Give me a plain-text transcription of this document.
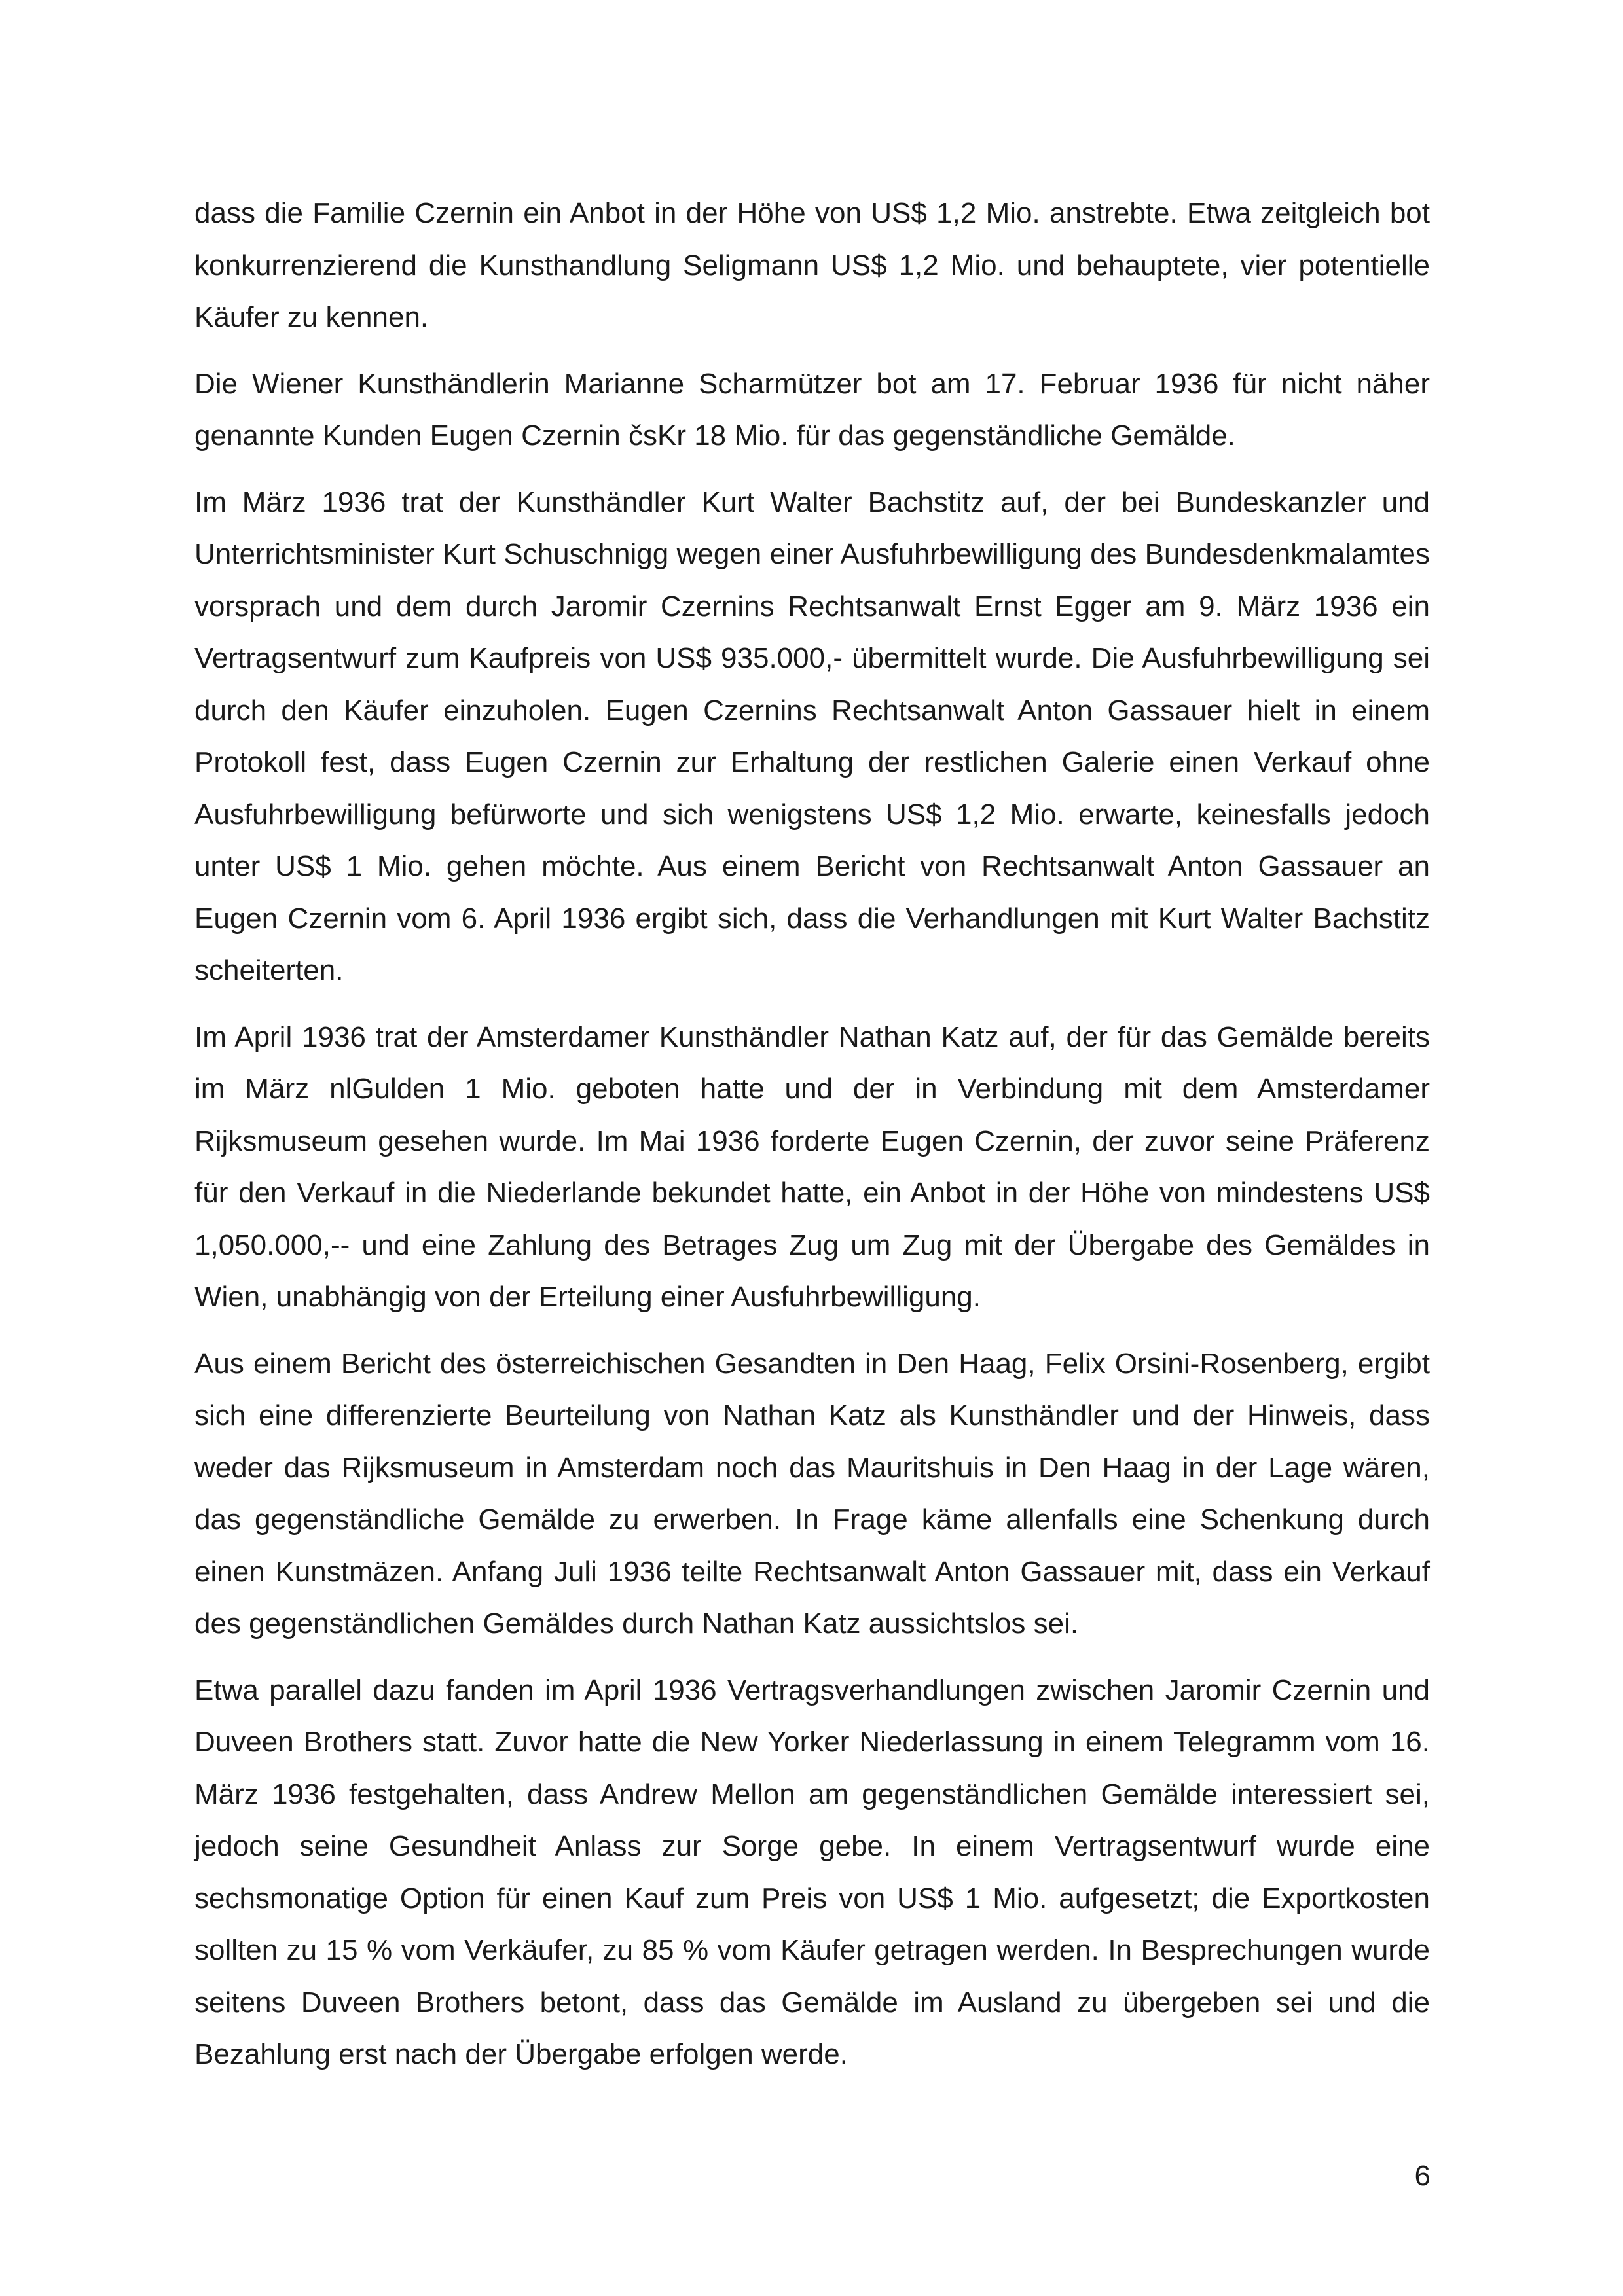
dass die Familie Czernin ein Anbot in der Höhe von US$ 1,2 Mio. anstrebte. Etwa zeitgleich bot konkurrenzierend die Kunsthandlung Seligmann US$ 1,2 Mio. und behauptete, vier potentielle Käufer zu kennen.

Die Wiener Kunsthändlerin Marianne Scharmützer bot am 17. Februar 1936 für nicht näher genannte Kunden Eugen Czernin čsKr 18 Mio. für das gegenständliche Gemälde.

Im März 1936 trat der Kunsthändler Kurt Walter Bachstitz auf, der bei Bundeskanzler und Unterrichtsminister Kurt Schuschnigg wegen einer Ausfuhrbewilligung des Bundesdenkmalamtes vorsprach und dem durch Jaromir Czernins Rechtsanwalt Ernst Egger am 9. März 1936 ein Vertragsentwurf zum Kaufpreis von US$ 935.000,- übermittelt wurde. Die Ausfuhrbewilligung sei durch den Käufer einzuholen. Eugen Czernins Rechtsanwalt Anton Gassauer hielt in einem Protokoll fest, dass Eugen Czernin zur Erhaltung der restlichen Galerie einen Verkauf ohne Ausfuhrbewilligung befürworte und sich wenigstens US$ 1,2 Mio. erwarte, keinesfalls jedoch unter US$ 1 Mio. gehen möchte. Aus einem Bericht von Rechtsanwalt Anton Gassauer an Eugen Czernin vom 6. April 1936 ergibt sich, dass die Verhandlungen mit Kurt Walter Bachstitz scheiterten.

Im April 1936 trat der Amsterdamer Kunsthändler Nathan Katz auf, der für das Gemälde bereits im März nlGulden 1 Mio. geboten hatte und der in Verbindung mit dem Amsterdamer Rijksmuseum gesehen wurde. Im Mai 1936 forderte Eugen Czernin, der zuvor seine Präferenz für den Verkauf in die Niederlande bekundet hatte, ein Anbot in der Höhe von mindestens US$ 1,050.000,-- und eine Zahlung des Betrages Zug um Zug mit der Übergabe des Gemäldes in Wien, unabhängig von der Erteilung einer Ausfuhrbewilligung.

Aus einem Bericht des österreichischen Gesandten in Den Haag, Felix Orsini-Rosenberg, ergibt sich eine differenzierte Beurteilung von Nathan Katz als Kunsthändler und der Hinweis, dass weder das Rijksmuseum in Amsterdam noch das Mauritshuis in Den Haag in der Lage wären, das gegenständliche Gemälde zu erwerben. In Frage käme allenfalls eine Schenkung durch einen Kunstmäzen. Anfang Juli 1936 teilte Rechtsanwalt Anton Gassauer mit, dass ein Verkauf des gegenständlichen Gemäldes durch Nathan Katz aussichtslos sei.

Etwa parallel dazu fanden im April 1936 Vertragsverhandlungen zwischen Jaromir Czernin und Duveen Brothers statt. Zuvor hatte die New Yorker Niederlassung in einem Telegramm vom 16. März 1936 festgehalten, dass Andrew Mellon am gegenständlichen Gemälde interessiert sei, jedoch seine Gesundheit Anlass zur Sorge gebe. In einem Vertragsentwurf wurde eine sechsmonatige Option für einen Kauf zum Preis von US$ 1 Mio. aufgesetzt; die Exportkosten sollten zu 15 % vom Verkäufer, zu 85 % vom Käufer getragen werden. In Besprechungen wurde seitens Duveen Brothers betont, dass das Gemälde im Ausland zu übergeben sei und die Bezahlung erst nach der Übergabe erfolgen werde.

6
